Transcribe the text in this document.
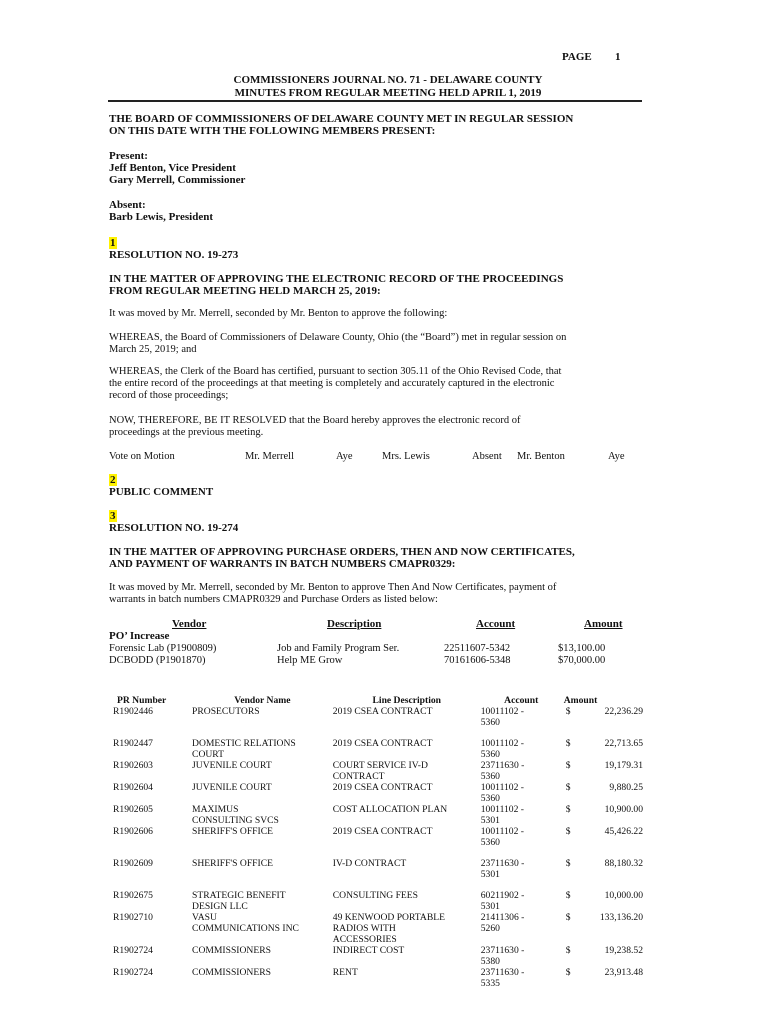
PAGE 1
COMMISSIONERS JOURNAL NO. 71 - DELAWARE COUNTY
MINUTES FROM REGULAR MEETING HELD APRIL 1, 2019
THE BOARD OF COMMISSIONERS OF DELAWARE COUNTY MET IN REGULAR SESSION
ON THIS DATE WITH THE FOLLOWING MEMBERS PRESENT:
Present:
Jeff Benton, Vice President
Gary Merrell, Commissioner
Absent:
Barb Lewis, President
1
RESOLUTION NO. 19-273
IN THE MATTER OF APPROVING THE ELECTRONIC RECORD OF THE PROCEEDINGS
FROM REGULAR MEETING HELD MARCH 25, 2019:
It was moved by Mr. Merrell, seconded by Mr. Benton to approve the following:
WHEREAS, the Board of Commissioners of Delaware County, Ohio (the “Board”) met in regular session on
March 25, 2019; and
WHEREAS, the Clerk of the Board has certified, pursuant to section 305.11 of the Ohio Revised Code, that
the entire record of the proceedings at that meeting is completely and accurately captured in the electronic
record of those proceedings;
NOW, THEREFORE, BE IT RESOLVED that the Board hereby approves the electronic record of
proceedings at the previous meeting.
Vote on Motion	Mr. Merrell	Aye	Mrs. Lewis	Absent Mr. Benton	Aye
2
PUBLIC COMMENT
3
RESOLUTION NO. 19-274
IN THE MATTER OF APPROVING PURCHASE ORDERS, THEN AND NOW CERTIFICATES,
AND PAYMENT OF WARRANTS IN BATCH NUMBERS CMAPR0329:
It was moved by Mr. Merrell, seconded by Mr. Benton to approve Then And Now Certificates, payment of
warrants in batch numbers CMAPR0329 and Purchase Orders as listed below:
Vendor	Description	Account	Amount
PO’ Increase
Forensic Lab (P1900809)	Job and Family Program Ser.	22511607-5342	$13,100.00
DCBODD (P1901870)	Help ME Grow	70161606-5348	$70,000.00
PR Number	Vendor Name	Line Description	Account	Amount
R1902446	PROSECUTORS	2019 CSEA CONTRACT	10011102 -
5360	$ 22,236.29

R1902447	DOMESTIC RELATIONS
COURT	2019 CSEA CONTRACT	10011102 -
5360	$ 22,713.65

R1902603	JUVENILE COURT	COURT SERVICE IV-D
CONTRACT	23711630 -
5360	$ 19,179.31

R1902604	JUVENILE COURT	2019 CSEA CONTRACT	10011102 -
5360	$ 9,880.25

R1902605	MAXIMUS
CONSULTING SVCS	COST ALLOCATION PLAN	10011102 -
5301	$ 10,900.00

R1902606	SHERIFF'S OFFICE	2019 CSEA CONTRACT	10011102 -
5360	$ 45,426.22

R1902609	SHERIFF'S OFFICE	IV-D CONTRACT	23711630 -
5301	$ 88,180.32

R1902675	STRATEGIC BENEFIT
DESIGN LLC	CONSULTING FEES	60211902 -
5301	$ 10,000.00

R1902710	VASU
COMMUNICATIONS INC	49 KENWOOD PORTABLE
RADIOS WITH
ACCESSORIES	21411306 -
5260	$ 133,136.20

R1902724	COMMISSIONERS	INDIRECT COST	23711630 -
5380	$ 19,238.52

R1902724	COMMISSIONERS	RENT	23711630 -
5335	$ 23,913.48
